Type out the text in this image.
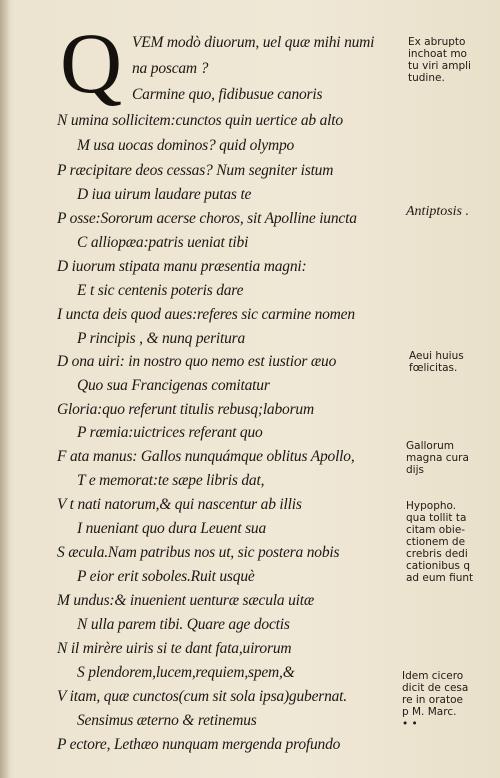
Q VEM modò diuorum, uel quæ mihi numi
na poscam ?
Carmine quo, fidibusue canoris
N umina sollicitem:cunctos quin uertice ab alto
M usa uocas dominos? quid olympo
P ræcipitare deos cessas? Num segniter istum
D iua uirum laudare putas te
P osse:Sororum acerse choros, sit Apolline iuncta
C alliopæa:patris ueniat tibi
D iuorum stipata manu præsentia magni:
E t sic centenis poteris dare
I uncta deis quod aues:referes sic carmine nomen
P rincipis , & nunq peritura
D ona uiri: in nostro quo nemo est iustior æuo
Quo sua Francigenas comitatur
Gloria:quo referunt titulis rebusq;laborum
P ræmia:uictrices referant quo
F ata manus: Gallos nunquámque oblitus Apollo,
T e memorat:te sæpe libris dat,
V t nati natorum,& qui nascentur ab illis
I nueniant quo dura Leuent sua
S æcula.Nam patribus nos ut, sic postera nobis
P eior erit soboles.Ruit usquè
M undus:& inuenient uenturæ sæcula uitæ
N ulla parem tibi. Quare age doctis
N il mirère uiris si te dant fata,uirorum
S plendorem,lucem,requiem,spem,&
V itam, quæ cunctos(cum sit sola ipsa)gubernat.
Sensimus æterno & retinemus
P ectore, Lethæo nunquam mergenda profundo
Ex abrupto
inchoat mo
tu viri ampli
tudine.
Antiptosis .
Aeui huius
fœlicitas.
Gallorum
magna cura
dijs
Hypopho.
qua tollit ta
citam obie-
ctionem de
crebris dedi
cationibus q
ad eum fiunt
Idem cicero
dicit de cesa
re in oratoe
p M. Marc.
• •
